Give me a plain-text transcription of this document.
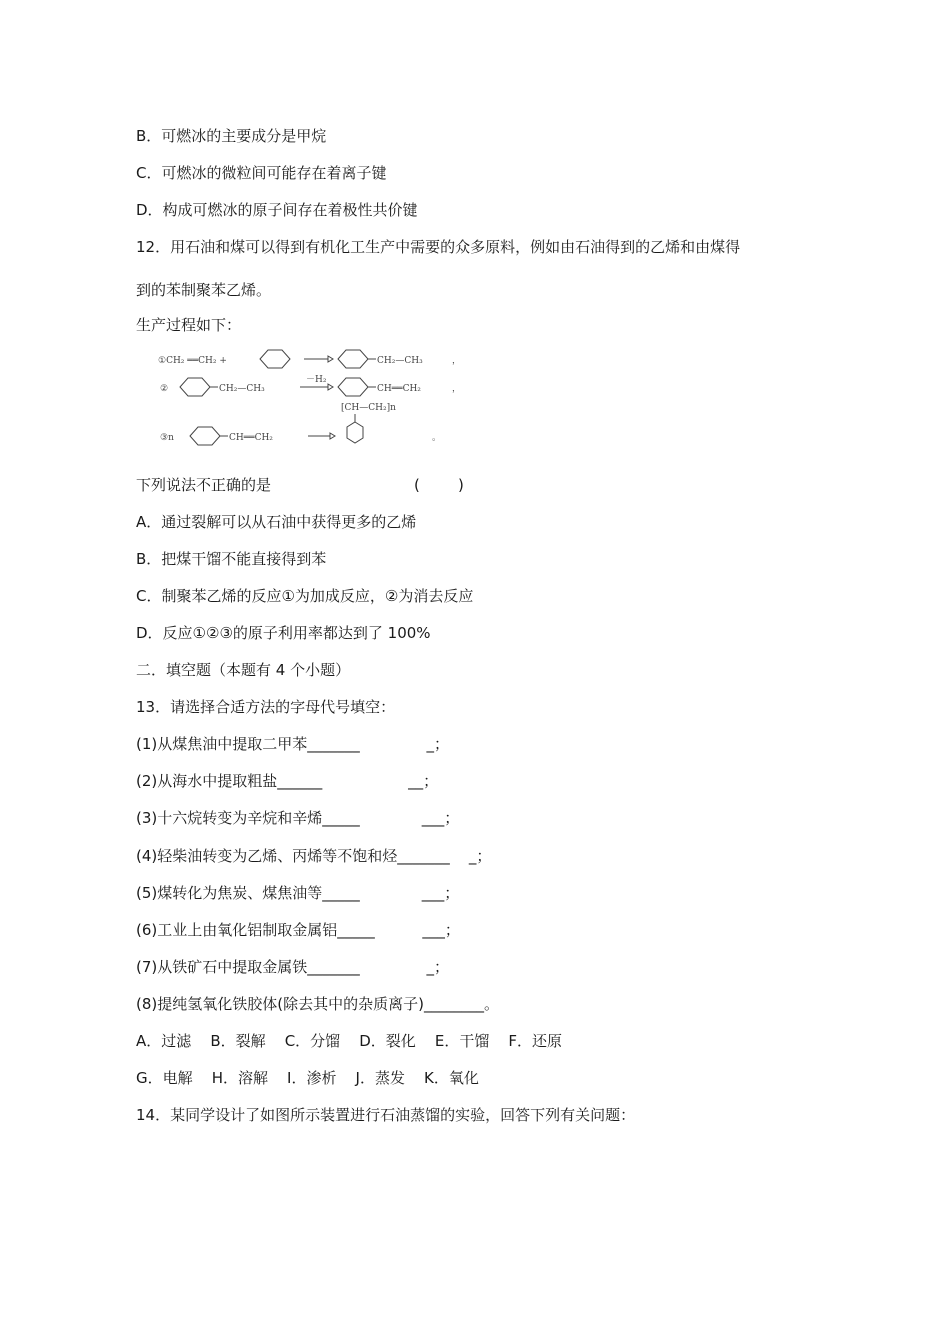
B．可燃冰的主要成分是甲烷
C．可燃冰的微粒间可能存在着离子键
D．构成可燃冰的原子间存在着极性共价键
12．用石油和煤可以得到有机化工生产中需要的众多原料，例如由石油得到的乙烯和由煤得
到的苯制聚苯乙烯。
生产过程如下：
①CH₂ ══CH₂ +	CH₂—CH₃	，
②	CH₂—CH₃
－H₂
CH══CH₂	，
③n	CH══CH₂
[CH—CH₂]n
。
下列说法不正确的是                              (        )
A．通过裂解可以从石油中获得更多的乙烯
B．把煤干馏不能直接得到苯
C．制聚苯乙烯的反应①为加成反应，②为消去反应
D．反应①②③的原子利用率都达到了 100%
二．填空题（本题有 4 个小题）
13．请选择合适方法的字母代号填空：
(1)从煤焦油中提取二甲苯_______              _；
(2)从海水中提取粗盐______                  __；
(3)十六烷转变为辛烷和辛烯_____             ___；
(4)轻柴油转变为乙烯、丙烯等不饱和烃_______    _；
(5)煤转化为焦炭、煤焦油等_____             ___；
(6)工业上由氧化铝制取金属铝_____          ___；
(7)从铁矿石中提取金属铁_______              _；
(8)提纯氢氧化铁胶体(除去其中的杂质离子)________。
A．过滤    B．裂解    C．分馏    D．裂化    E．干馏    F．还原
G．电解    H．溶解    I．渗析    J．蒸发    K．氧化
14．某同学设计了如图所示装置进行石油蒸馏的实验，回答下列有关问题：
